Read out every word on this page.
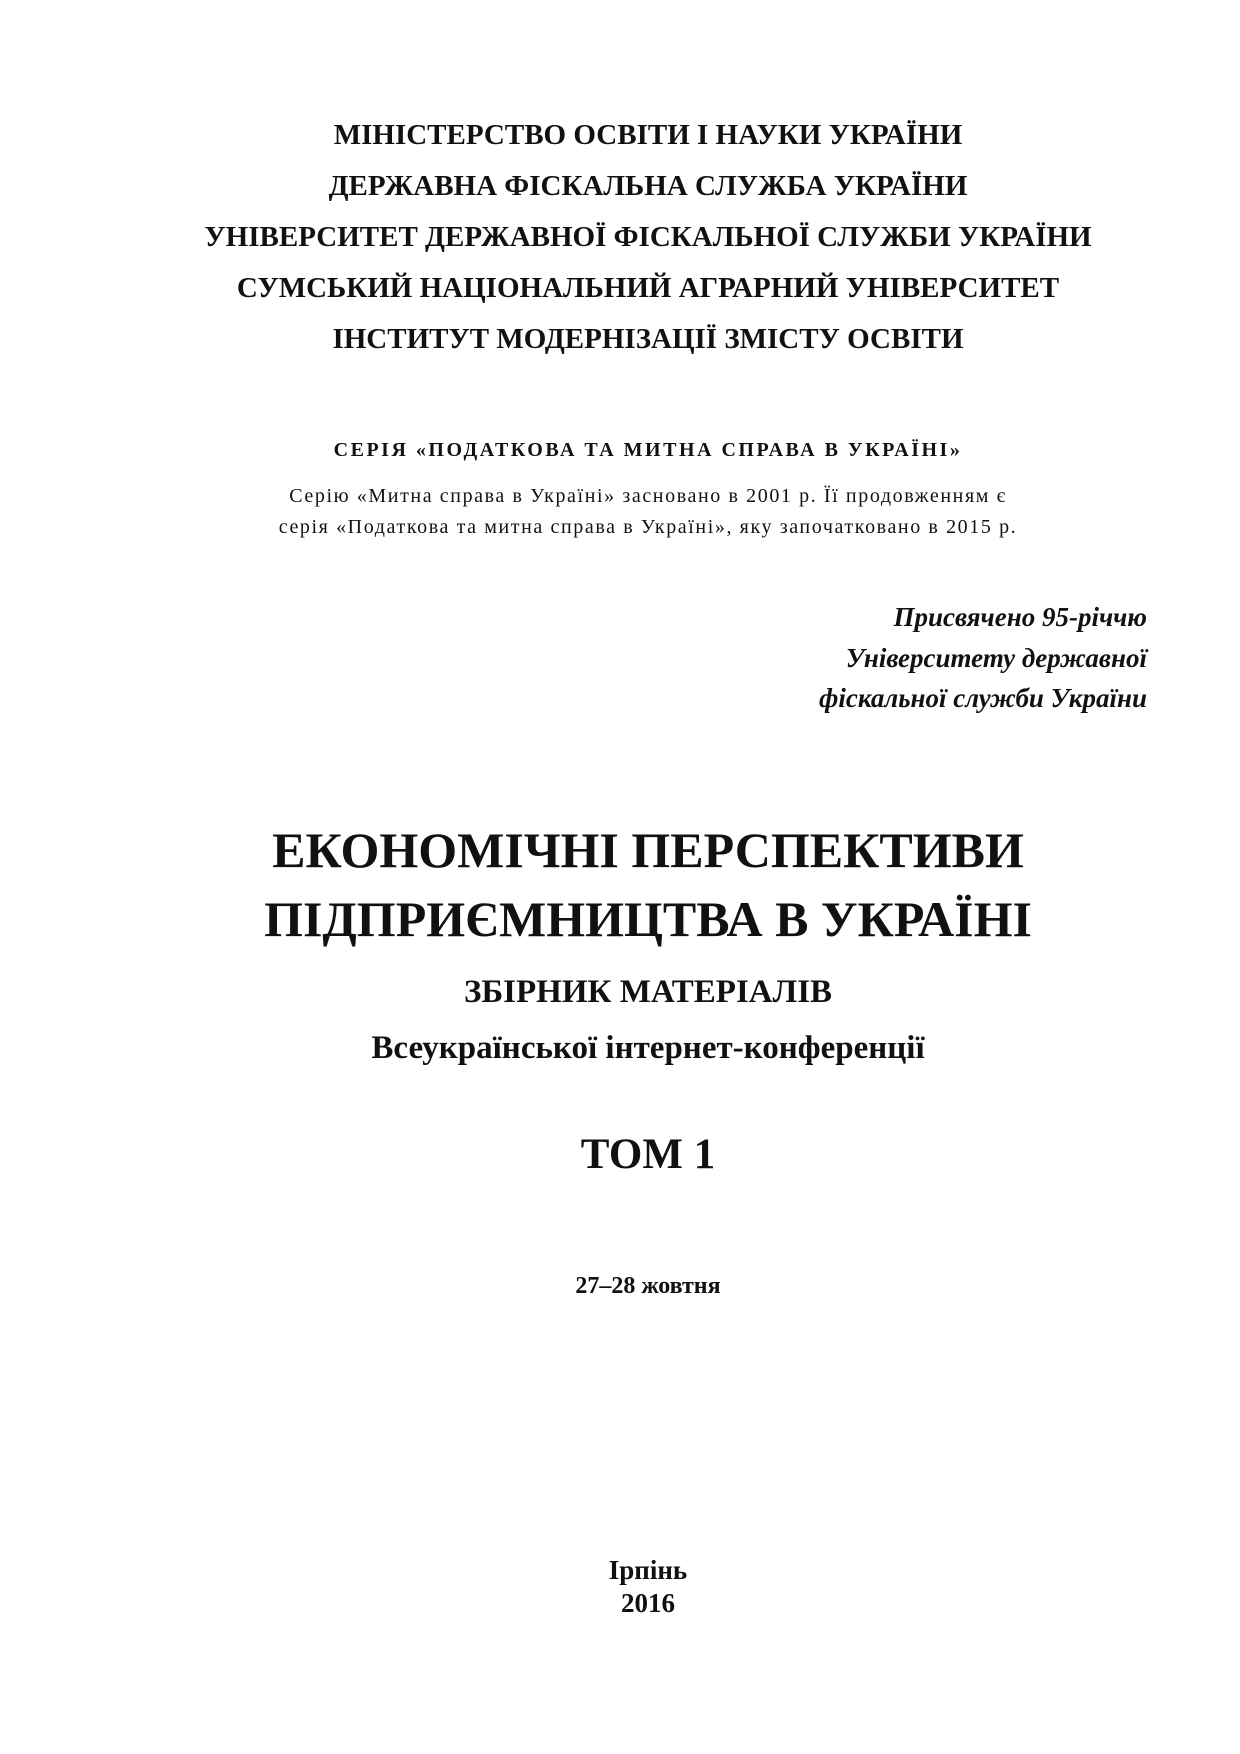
МІНІСТЕРСТВО ОСВІТИ І НАУКИ УКРАЇНИ
ДЕРЖАВНА ФІСКАЛЬНА СЛУЖБА УКРАЇНИ
УНІВЕРСИТЕТ ДЕРЖАВНОЇ ФІСКАЛЬНОЇ СЛУЖБИ УКРАЇНИ
СУМСЬКИЙ НАЦІОНАЛЬНИЙ АГРАРНИЙ УНІВЕРСИТЕТ
ІНСТИТУТ МОДЕРНІЗАЦІЇ ЗМІСТУ ОСВІТИ
СЕРІЯ «ПОДАТКОВА ТА МИТНА СПРАВА В УКРАЇНІ»
Серію «Митна справа в Україні» засновано в 2001 р. Її продовженням є
серія «Податкова та митна справа в Україні», яку започатковано в 2015 р.
Присвячено 95-річчю
Університету державної
фіскальної служби України
ЕКОНОМІЧНІ ПЕРСПЕКТИВИ
ПІДПРИЄМНИЦТВА В УКРАЇНІ
ЗБІРНИК МАТЕРІАЛІВ
Всеукраїнської інтернет-конференції
ТОМ 1
27–28 жовтня
Ірпінь
2016
